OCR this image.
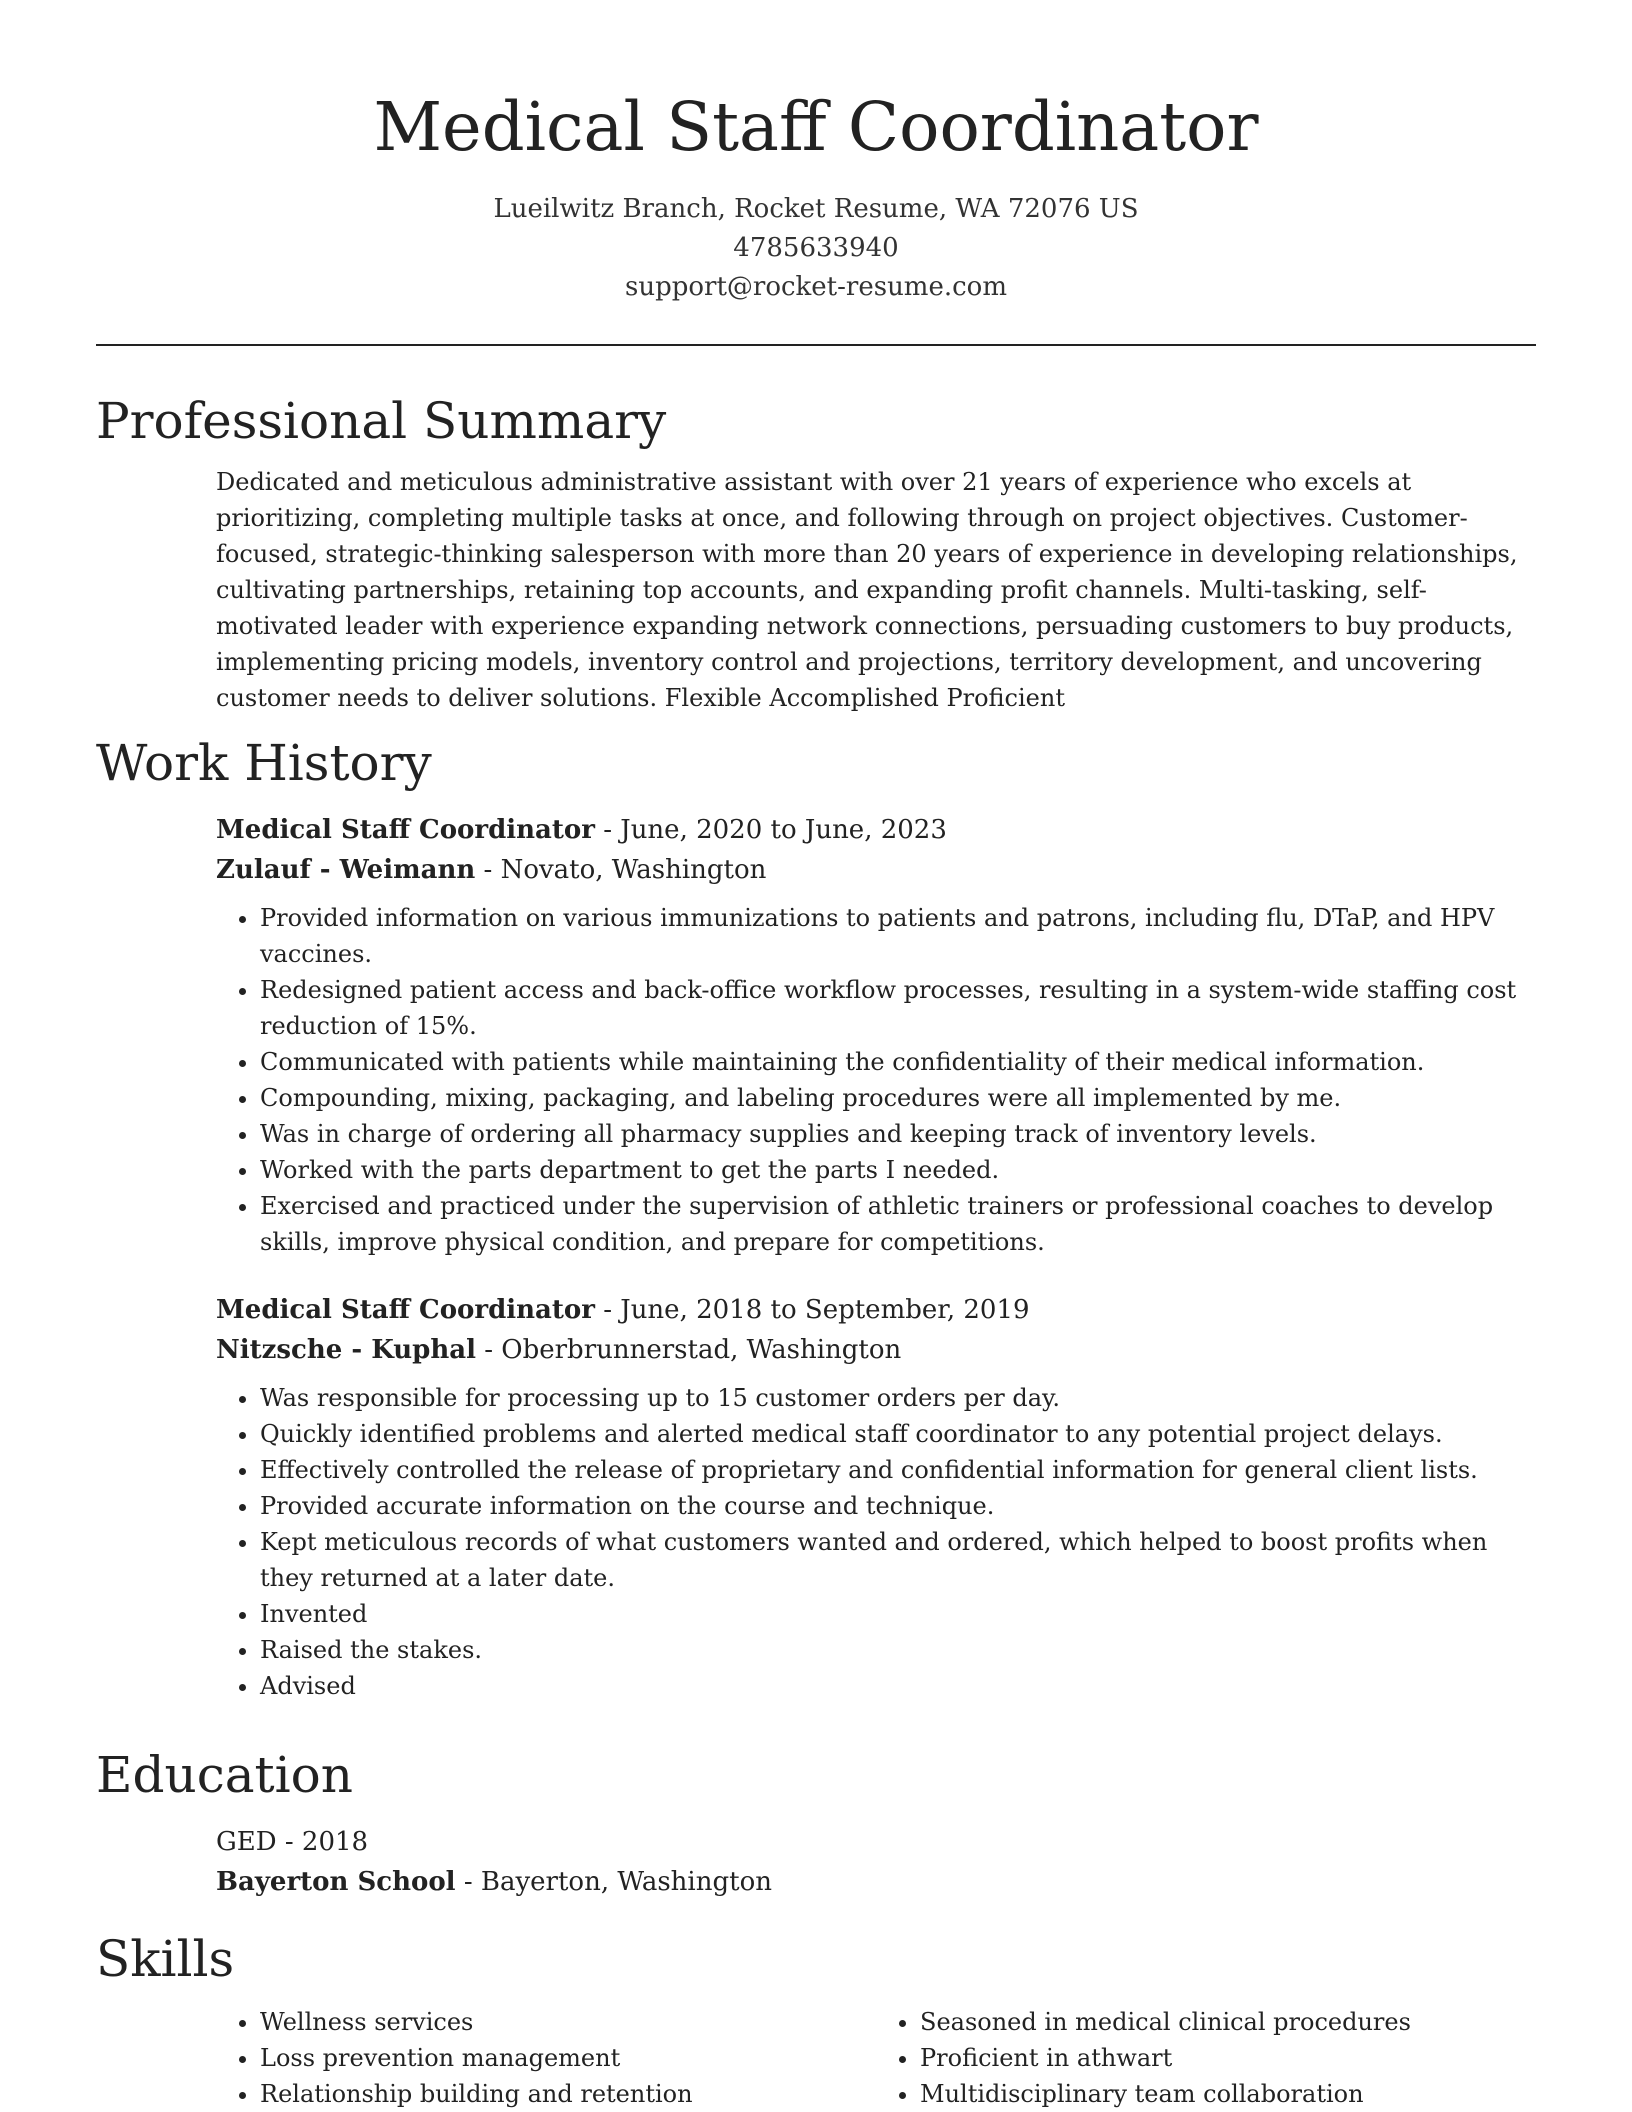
Medical Staff Coordinator
Lueilwitz Branch, Rocket Resume, WA 72076 US
4785633940
support@rocket-resume.com
Professional Summary
Dedicated and meticulous administrative assistant with over 21 years of experience who excels at prioritizing, completing multiple tasks at once, and following through on project objectives. Customer-focused, strategic-thinking salesperson with more than 20 years of experience in developing relationships, cultivating partnerships, retaining top accounts, and expanding profit channels. Multi-tasking, self-motivated leader with experience expanding network connections, persuading customers to buy products, implementing pricing models, inventory control and projections, territory development, and uncovering customer needs to deliver solutions. Flexible Accomplished Proficient
Work History
Medical Staff Coordinator - June, 2020 to June, 2023
Zulauf - Weimann - Novato, Washington
• Provided information on various immunizations to patients and patrons, including flu, DTaP, and HPV vaccines.
• Redesigned patient access and back-office workflow processes, resulting in a system-wide staffing cost reduction of 15%.
• Communicated with patients while maintaining the confidentiality of their medical information.
• Compounding, mixing, packaging, and labeling procedures were all implemented by me.
• Was in charge of ordering all pharmacy supplies and keeping track of inventory levels.
• Worked with the parts department to get the parts I needed.
• Exercised and practiced under the supervision of athletic trainers or professional coaches to develop skills, improve physical condition, and prepare for competitions.
Medical Staff Coordinator - June, 2018 to September, 2019
Nitzsche - Kuphal - Oberbrunnerstad, Washington
• Was responsible for processing up to 15 customer orders per day.
• Quickly identified problems and alerted medical staff coordinator to any potential project delays.
• Effectively controlled the release of proprietary and confidential information for general client lists.
• Provided accurate information on the course and technique.
• Kept meticulous records of what customers wanted and ordered, which helped to boost profits when they returned at a later date.
• Invented
• Raised the stakes.
• Advised
Education
GED - 2018
Bayerton School - Bayerton, Washington
Skills
• Wellness services
• Loss prevention management
• Relationship building and retention
• Seasoned in medical clinical procedures
• Proficient in athwart
• Multidisciplinary team collaboration
